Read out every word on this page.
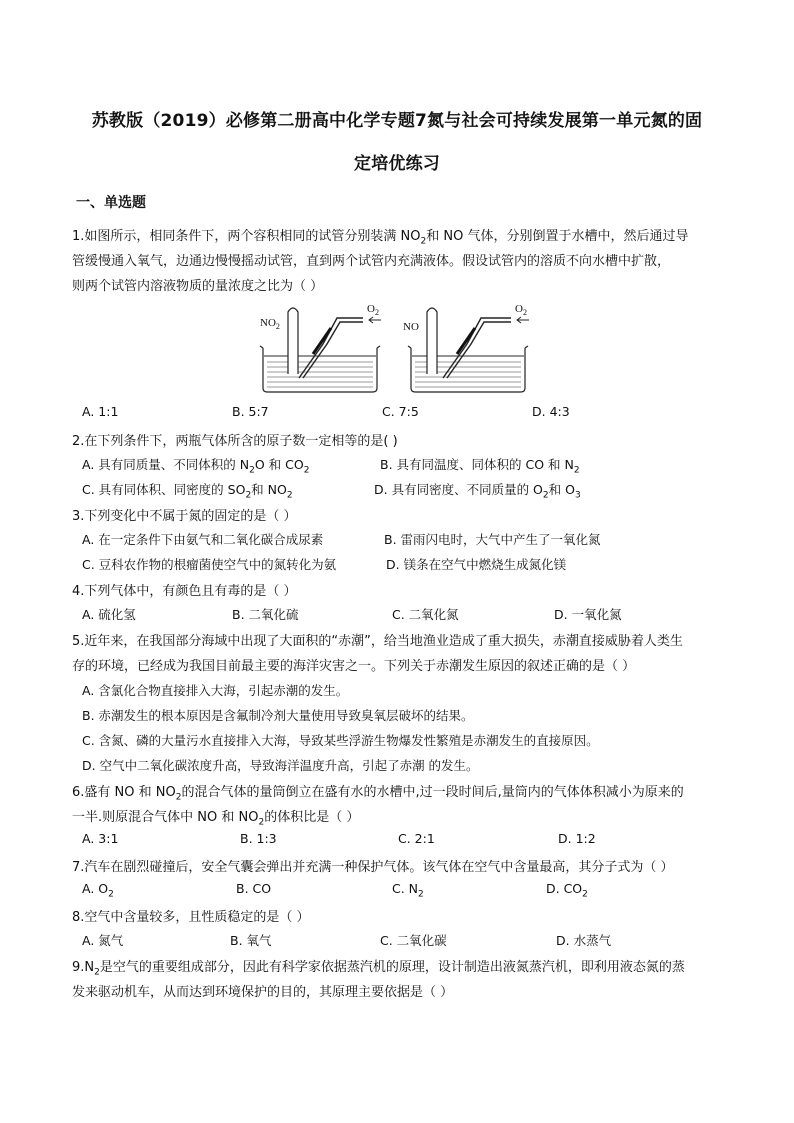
苏教版（2019）必修第二册高中化学专题7氮与社会可持续发展第一单元氮的固
定培优练习
一、单选题
1.如图所示，相同条件下，两个容积相同的试管分别装满 $NO_2$和 NO 气体，分别倒置于水槽中，然后通过导
管缓慢通入氧气，边通边慢慢摇动试管，直到两个试管内充满液体。假设试管内的溶质不向水槽中扩散，
则两个试管内溶液物质的量浓度之比为（ ）
$NO_2$
$O_2$
NO
$O_2$
A. 1:1	B. 5:7	C. 7:5	D. 4:3
2.在下列条件下，两瓶气体所含的原子数一定相等的是( )
A. 具有同质量、不同体积的 $N_2O$ 和 $CO_2$	B. 具有同温度、同体积的 CO 和 $N_2$
C. 具有同体积、同密度的 $SO_2$和 $NO_2$	D. 具有同密度、不同质量的 $O_2$和 $O_3$
3.下列变化中不属于氮的固定的是（ ）
A. 在一定条件下由氨气和二氧化碳合成尿素	B. 雷雨闪电时，大气中产生了一氧化氮
C. 豆科农作物的根瘤菌使空气中的氮转化为氨	D. 镁条在空气中燃烧生成氮化镁
4.下列气体中，有颜色且有毒的是（ ）
A. 硫化氢	B. 二氧化硫	C. 二氧化氮	D. 一氧化氮
5.近年来，在我国部分海域中出现了大面积的“赤潮”，给当地渔业造成了重大损失，赤潮直接威胁着人类生
存的环境，已经成为我国目前最主要的海洋灾害之一。下列关于赤潮发生原因的叙述正确的是（ ）
A. 含氯化合物直接排入大海，引起赤潮的发生。
B. 赤潮发生的根本原因是含氟制冷剂大量使用导致臭氧层破坏的结果。
C. 含氮、磷的大量污水直接排入大海，导致某些浮游生物爆发性繁殖是赤潮发生的直接原因。
D. 空气中二氧化碳浓度升高，导致海洋温度升高，引起了赤潮 的发生。
6.盛有 NO 和 $NO_2$的混合气体的量筒倒立在盛有水的水槽中,过一段时间后,量筒内的气体体积减小为原来的
一半.则原混合气体中 NO 和 $NO_2$的体积比是（ ）
A. 3:1	B. 1:3	C. 2:1	D. 1:2
7.汽车在剧烈碰撞后，安全气囊会弹出并充满一种保护气体。该气体在空气中含量最高，其分子式为（ ）
A. $O_2$	B. CO	C. $N_2$	D. $CO_2$
8.空气中含量较多，且性质稳定的是（ ）
A. 氮气	B. 氧气	C. 二氧化碳	D. 水蒸气
$9.N_2$是空气的重要组成部分，因此有科学家依据蒸汽机的原理，设计制造出液氮蒸汽机，即利用液态氮的蒸
发来驱动机车，从而达到环境保护的目的，其原理主要依据是（ ）
